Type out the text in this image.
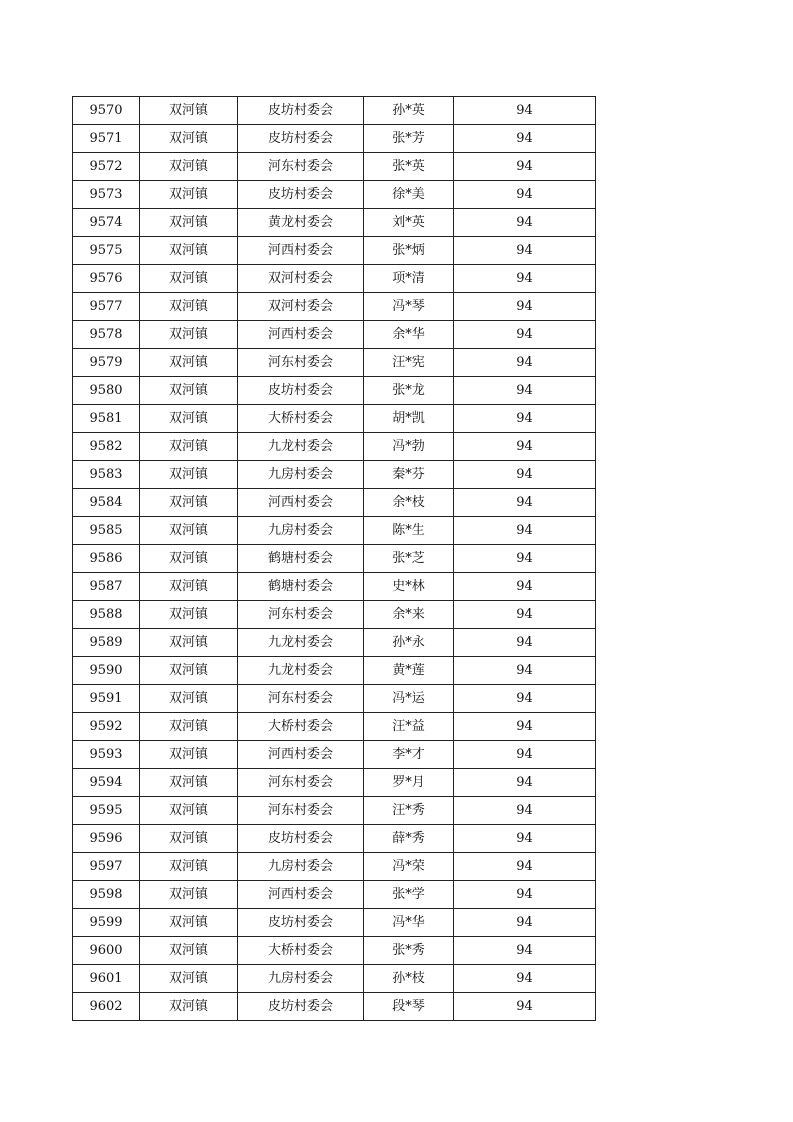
9570	双河镇	皮坊村委会	孙*英	94
9571	双河镇	皮坊村委会	张*芳	94
9572	双河镇	河东村委会	张*英	94
9573	双河镇	皮坊村委会	徐*美	94
9574	双河镇	黄龙村委会	刘*英	94
9575	双河镇	河西村委会	张*炳	94
9576	双河镇	双河村委会	项*清	94
9577	双河镇	双河村委会	冯*琴	94
9578	双河镇	河西村委会	余*华	94
9579	双河镇	河东村委会	汪*宪	94
9580	双河镇	皮坊村委会	张*龙	94
9581	双河镇	大桥村委会	胡*凯	94
9582	双河镇	九龙村委会	冯*勃	94
9583	双河镇	九房村委会	秦*芬	94
9584	双河镇	河西村委会	余*枝	94
9585	双河镇	九房村委会	陈*生	94
9586	双河镇	鹤塘村委会	张*芝	94
9587	双河镇	鹤塘村委会	史*林	94
9588	双河镇	河东村委会	余*来	94
9589	双河镇	九龙村委会	孙*永	94
9590	双河镇	九龙村委会	黄*莲	94
9591	双河镇	河东村委会	冯*运	94
9592	双河镇	大桥村委会	汪*益	94
9593	双河镇	河西村委会	李*才	94
9594	双河镇	河东村委会	罗*月	94
9595	双河镇	河东村委会	汪*秀	94
9596	双河镇	皮坊村委会	薛*秀	94
9597	双河镇	九房村委会	冯*荣	94
9598	双河镇	河西村委会	张*学	94
9599	双河镇	皮坊村委会	冯*华	94
9600	双河镇	大桥村委会	张*秀	94
9601	双河镇	九房村委会	孙*枝	94
9602	双河镇	皮坊村委会	段*琴	94
